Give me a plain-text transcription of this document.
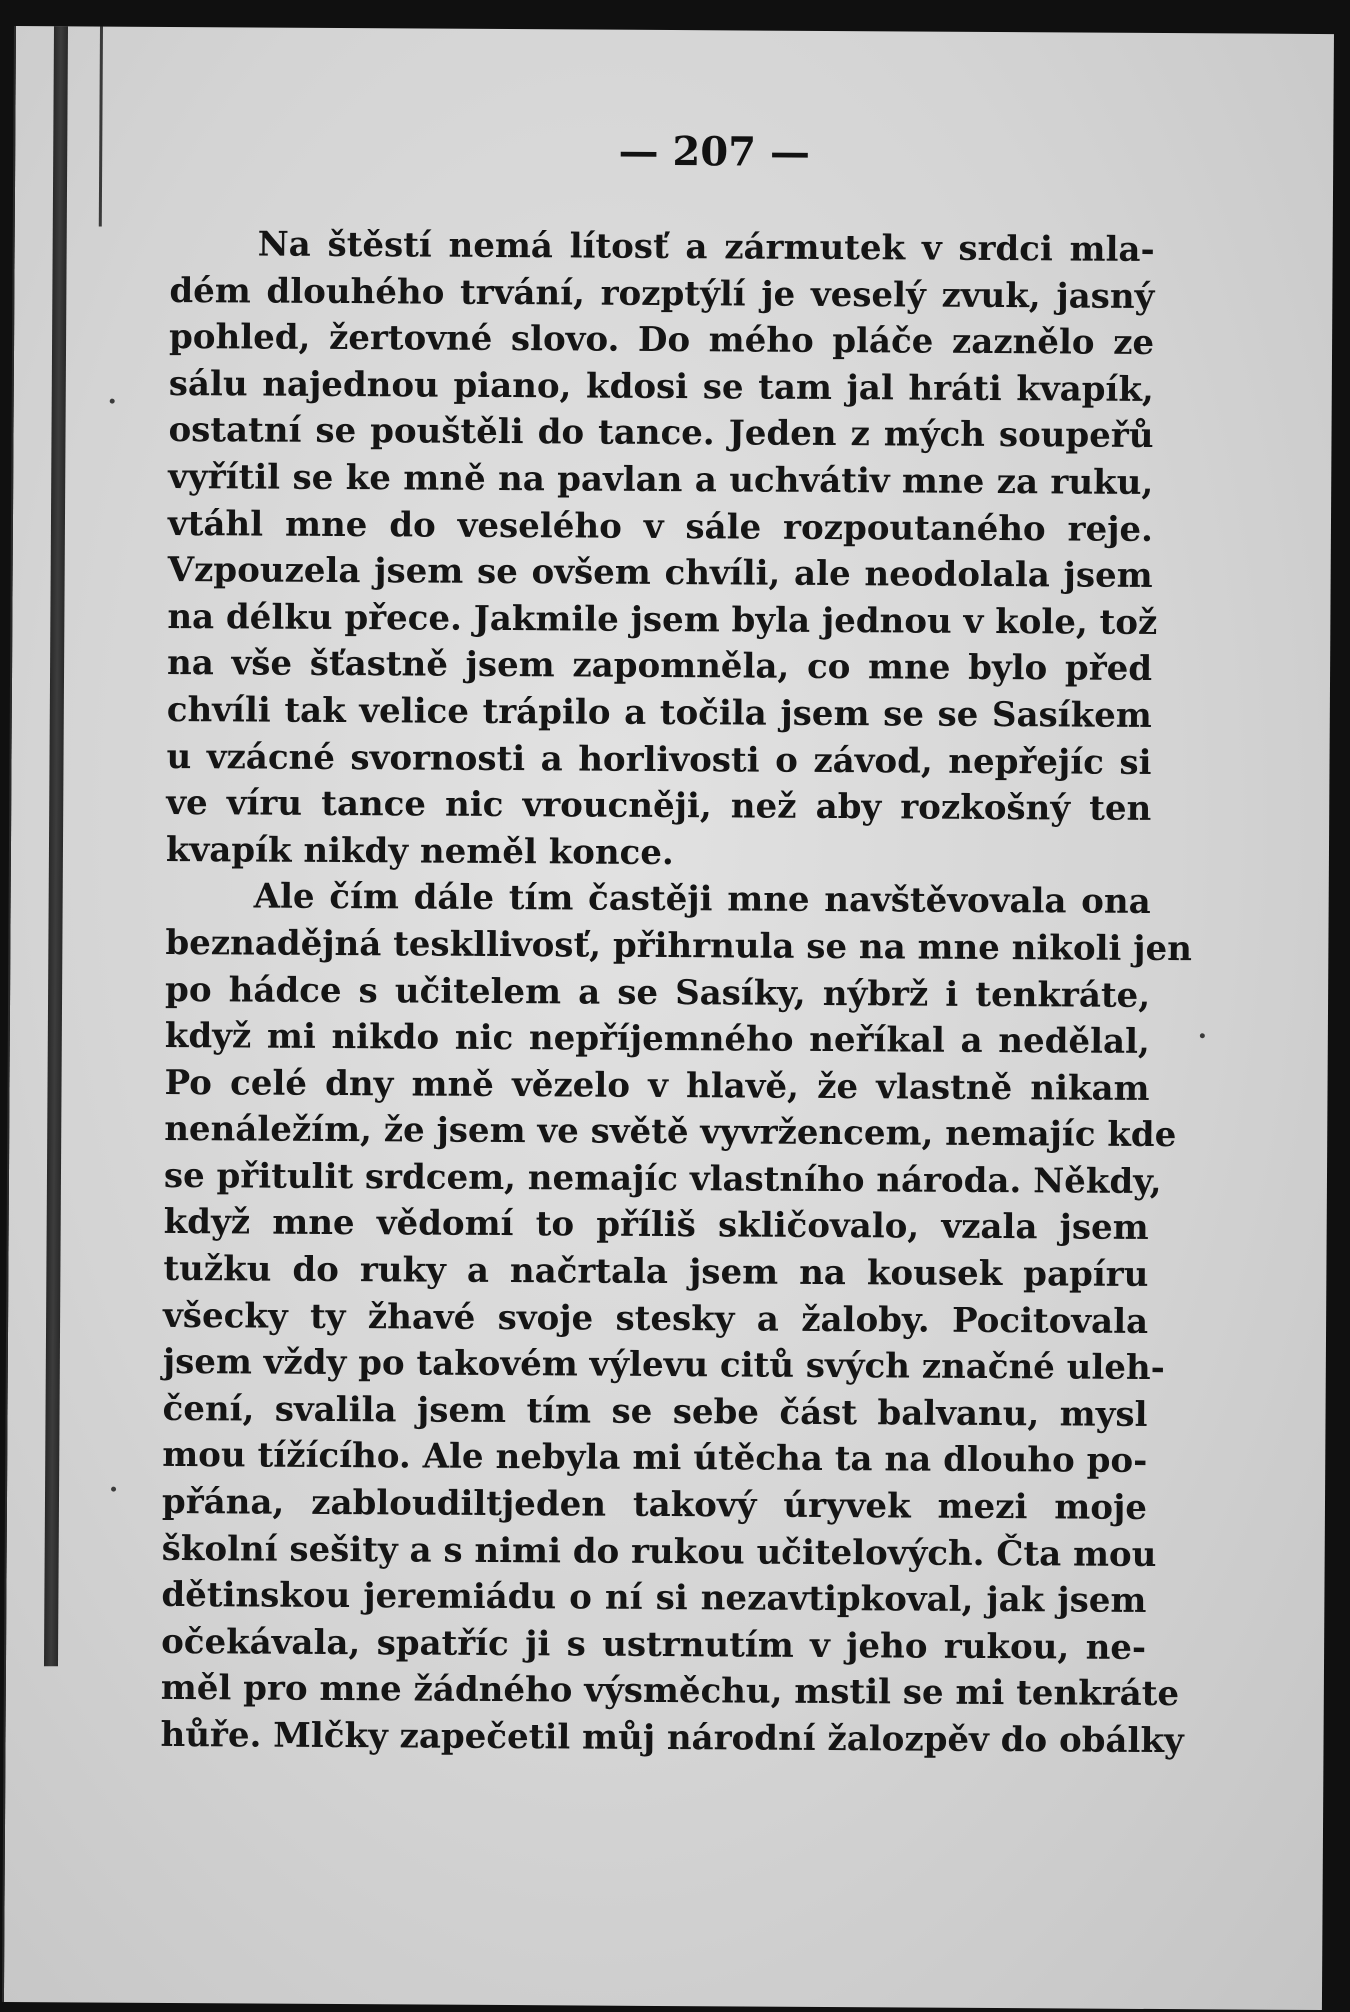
— 207 —
Na štěstí nemá lítosť a zármutek v srdci mla-
dém dlouhého trvání, rozptýlí je veselý zvuk, jasný
pohled, žertovné slovo. Do mého pláče zaznělo ze
sálu najednou piano, kdosi se tam jal hráti kvapík,
ostatní se pouštěli do tance. Jeden z mých soupeřů
vyřítil se ke mně na pavlan a uchvátiv mne za ruku,
vtáhl mne do veselého v sále rozpoutaného reje.
Vzpouzela jsem se ovšem chvíli, ale neodolala jsem
na délku přece. Jakmile jsem byla jednou v kole, tož
na vše šťastně jsem zapomněla, co mne bylo před
chvíli tak velice trápilo a točila jsem se se Sasíkem
u vzácné svornosti a horlivosti o závod, nepřejíc si
ve víru tance nic vroucněji, než aby rozkošný ten
kvapík nikdy neměl konce.
Ale čím dále tím častěji mne navštěvovala ona
beznadějná teskllivosť, přihrnula se na mne nikoli jen
po hádce s učitelem a se Sasíky, nýbrž i tenkráte,
když mi nikdo nic nepříjemného neříkal a nedělal,
Po celé dny mně vězelo v hlavě, že vlastně nikam
nenáležím, že jsem ve světě vyvržencem, nemajíc kde
se přitulit srdcem, nemajíc vlastního národa. Někdy,
když mne vědomí to příliš skličovalo, vzala jsem
tužku do ruky a načrtala jsem na kousek papíru
všecky ty žhavé svoje stesky a žaloby. Pocitovala
jsem vždy po takovém výlevu citů svých značné uleh-
čení, svalila jsem tím se sebe část balvanu, mysl
mou tížícího. Ale nebyla mi útěcha ta na dlouho po-
přána, zabloudiltjeden takový úryvek mezi moje
školní sešity a s nimi do rukou učitelových. Čta mou
dětinskou jeremiádu o ní si nezavtipkoval, jak jsem
očekávala, spatříc ji s ustrnutím v jeho rukou, ne-
měl pro mne žádného výsměchu, mstil se mi tenkráte
hůře. Mlčky zapečetil můj národní žalozpěv do obálky
